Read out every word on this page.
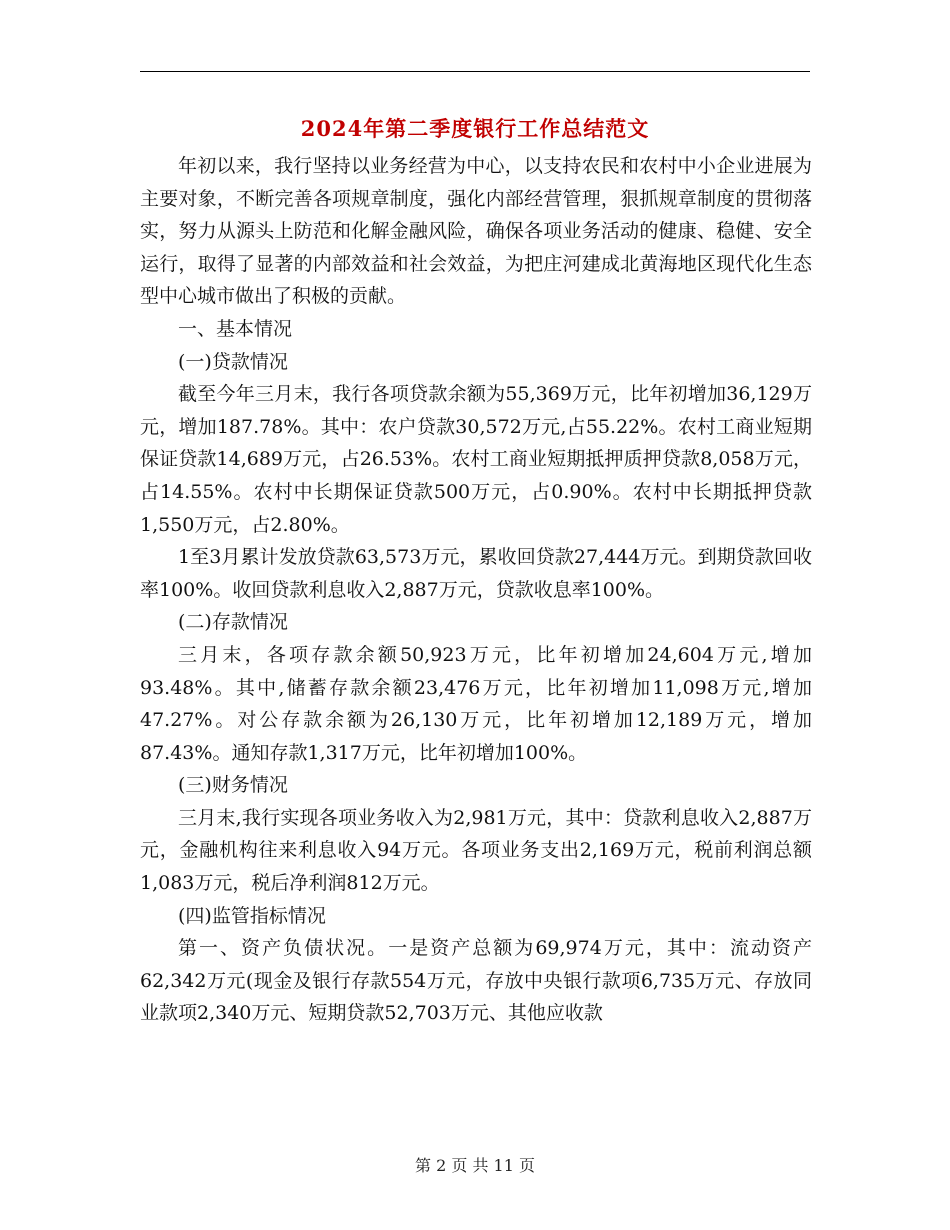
2024年第二季度银行工作总结范文

年初以来，我行坚持以业务经营为中心，以支持农民和农村中小企业进展为主要对象，不断完善各项规章制度，强化内部经营管理，狠抓规章制度的贯彻落实，努力从源头上防范和化解金融风险，确保各项业务活动的健康、稳健、安全运行，取得了显著的内部效益和社会效益，为把庄河建成北黄海地区现代化生态型中心城市做出了积极的贡献。

一、基本情况

(一)贷款情况

截至今年三月末，我行各项贷款余额为55,369万元，比年初增加36,129万元，增加187.78%。其中：农户贷款30,572万元,占55.22%。农村工商业短期保证贷款14,689万元，占26.53%。农村工商业短期抵押质押贷款8,058万元，占14.55%。农村中长期保证贷款500万元，占0.90%。农村中长期抵押贷款1,550万元，占2.80%。

1至3月累计发放贷款63,573万元，累收回贷款27,444万元。到期贷款回收率100%。收回贷款利息收入2,887万元，贷款收息率100%。

(二)存款情况

三月末，各项存款余额50,923万元，比年初增加24,604万元,增加93.48%。其中,储蓄存款余额23,476万元，比年初增加11,098万元,增加47.27%。对公存款余额为26,130万元，比年初增加12,189万元，增加87.43%。通知存款1,317万元，比年初增加100%。

(三)财务情况

三月末,我行实现各项业务收入为2,981万元，其中：贷款利息收入2,887万元，金融机构往来利息收入94万元。各项业务支出2,169万元，税前利润总额1,083万元，税后净利润812万元。

(四)监管指标情况

第一、资产负债状况。一是资产总额为69,974万元，其中：流动资产62,342万元(现金及银行存款554万元，存放中央银行款项6,735万元、存放同业款项2,340万元、短期贷款52,703万元、其他应收款

第 2 页 共 11 页
